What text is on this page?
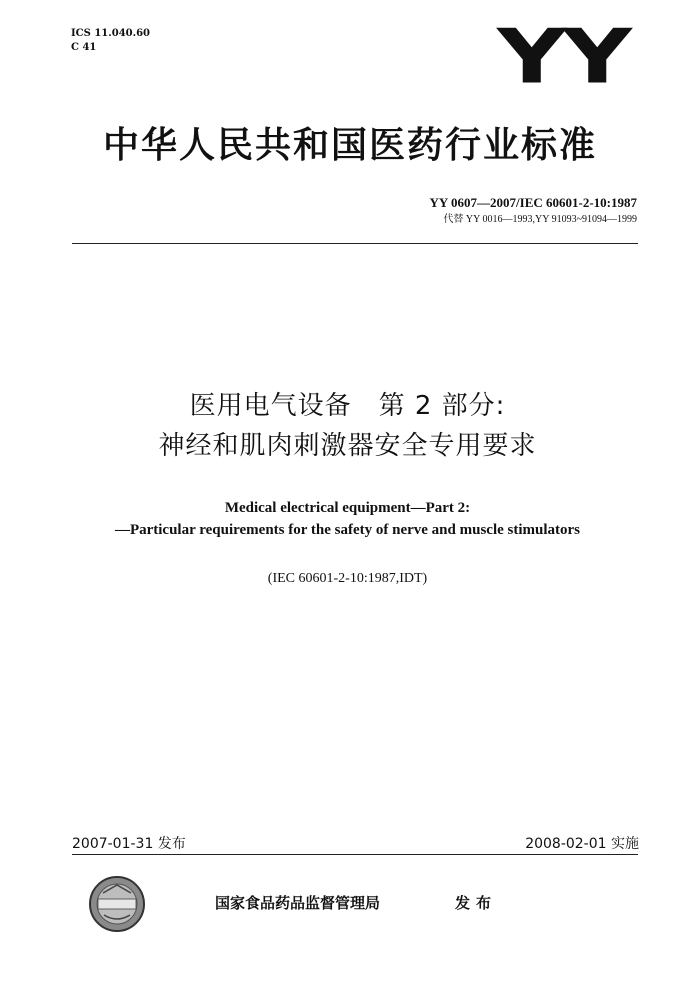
ICS 11.040.60
C 41	YY
中华人民共和国医药行业标准
YY 0607—2007/IEC 60601-2-10:1987
代替 YY 0016—1993,YY 91093~91094—1999
医用电气设备　第 2 部分:
神经和肌肉刺激器安全专用要求
Medical electrical equipment—Part 2:
—Particular requirements for the safety of nerve and muscle stimulators
(IEC 60601-2-10:1987,IDT)
2007-01-31 发布	2008-02-01 实施
国家食品药品监督管理局	发布
